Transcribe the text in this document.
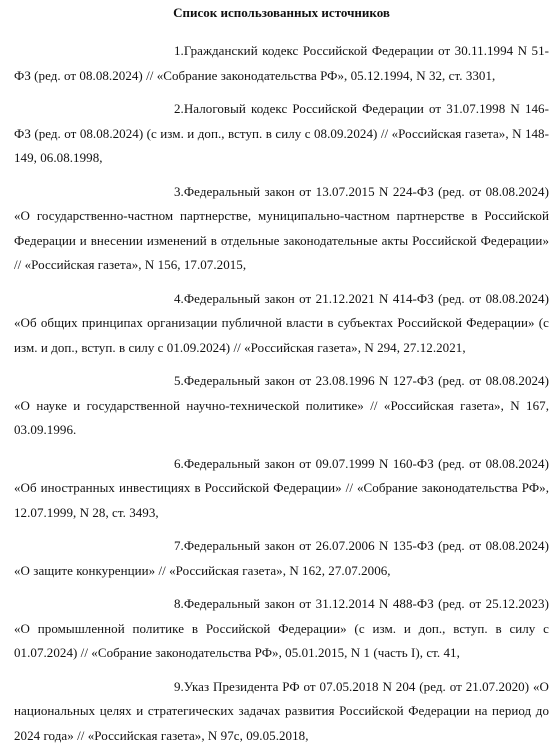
Список использованных источников
1.Гражданский кодекс Российской Федерации от 30.11.1994 N 51-ФЗ (ред. от 08.08.2024) // «Собрание законодательства РФ», 05.12.1994, N 32, ст. 3301,
2.Налоговый кодекс Российской Федерации от 31.07.1998 N 146-ФЗ (ред. от 08.08.2024) (с изм. и доп., вступ. в силу с 08.09.2024) // «Российская газета», N 148-149, 06.08.1998,
3.Федеральный закон от 13.07.2015 N 224-ФЗ (ред. от 08.08.2024) «О государственно-частном партнерстве, муниципально-частном партнерстве в Российской Федерации и внесении изменений в отдельные законодательные акты Российской Федерации» // «Российская газета», N 156, 17.07.2015,
4.Федеральный закон от 21.12.2021 N 414-ФЗ (ред. от 08.08.2024) «Об общих принципах организации публичной власти в субъектах Российской Федерации» (с изм. и доп., вступ. в силу с 01.09.2024) // «Российская газета», N 294, 27.12.2021,
5.Федеральный закон от 23.08.1996 N 127-ФЗ (ред. от 08.08.2024) «О науке и государственной научно-технической политике» // «Российская газета», N 167, 03.09.1996.
6.Федеральный закон от 09.07.1999 N 160-ФЗ (ред. от 08.08.2024) «Об иностранных инвестициях в Российской Федерации» // «Собрание законодательства РФ», 12.07.1999, N 28, ст. 3493,
7.Федеральный закон от 26.07.2006 N 135-ФЗ (ред. от 08.08.2024) «О защите конкуренции» // «Российская газета», N 162, 27.07.2006,
8.Федеральный закон от 31.12.2014 N 488-ФЗ (ред. от 25.12.2023) «О промышленной политике в Российской Федерации» (с изм. и доп., вступ. в силу с 01.07.2024) // «Собрание законодательства РФ», 05.01.2015, N 1 (часть I), ст. 41,
9.Указ Президента РФ от 07.05.2018 N 204 (ред. от 21.07.2020) «О национальных целях и стратегических задачах развития Российской Федерации на период до 2024 года» // «Российская газета», N 97с, 09.05.2018,
